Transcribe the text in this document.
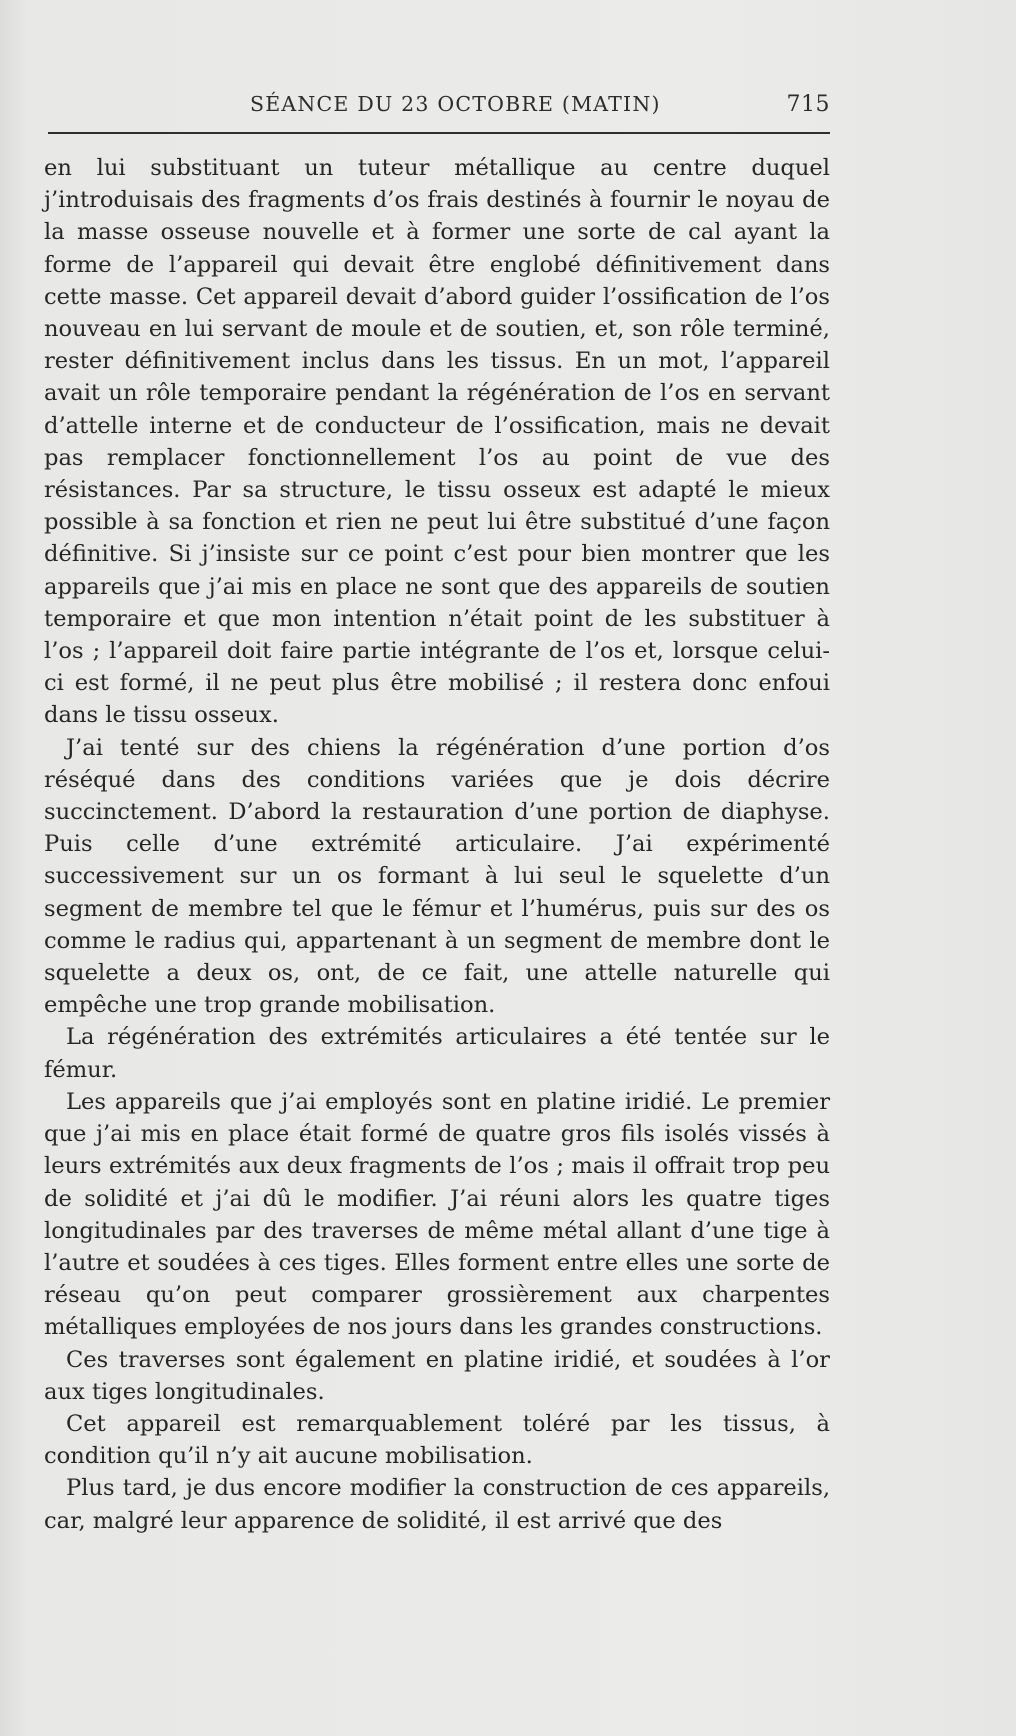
SÉANCE DU 23 OCTOBRE (MATIN)	715

en lui substituant un tuteur métallique au centre duquel j’introduisais des fragments d’os frais destinés à fournir le noyau de la masse osseuse nouvelle et à former une sorte de cal ayant la forme de l’appareil qui devait être englobé définitivement dans cette masse. Cet appareil devait d’abord guider l’ossification de l’os nouveau en lui servant de moule et de soutien, et, son rôle terminé, rester définitivement inclus dans les tissus. En un mot, l’appareil avait un rôle temporaire pendant la régénération de l’os en servant d’attelle interne et de conducteur de l’ossification, mais ne devait pas remplacer fonctionnellement l’os au point de vue des résistances. Par sa structure, le tissu osseux est adapté le mieux possible à sa fonction et rien ne peut lui être substitué d’une façon définitive. Si j’insiste sur ce point c’est pour bien montrer que les appareils que j’ai mis en place ne sont que des appareils de soutien temporaire et que mon intention n’était point de les substituer à l’os ; l’appareil doit faire partie intégrante de l’os et, lorsque celui-ci est formé, il ne peut plus être mobilisé ; il restera donc enfoui dans le tissu osseux.

J’ai tenté sur des chiens la régénération d’une portion d’os réséqué dans des conditions variées que je dois décrire succinctement. D’abord la restauration d’une portion de diaphyse. Puis celle d’une extrémité articulaire. J’ai expérimenté successivement sur un os formant à lui seul le squelette d’un segment de membre tel que le fémur et l’humérus, puis sur des os comme le radius qui, appartenant à un segment de membre dont le squelette a deux os, ont, de ce fait, une attelle naturelle qui empêche une trop grande mobilisation.

La régénération des extrémités articulaires a été tentée sur le fémur.

Les appareils que j’ai employés sont en platine iridié. Le premier que j’ai mis en place était formé de quatre gros fils isolés vissés à leurs extrémités aux deux fragments de l’os ; mais il offrait trop peu de solidité et j’ai dû le modifier. J’ai réuni alors les quatre tiges longitudinales par des traverses de même métal allant d’une tige à l’autre et soudées à ces tiges. Elles forment entre elles une sorte de réseau qu’on peut comparer grossièrement aux charpentes métalliques employées de nos jours dans les grandes constructions.

Ces traverses sont également en platine iridié, et soudées à l’or aux tiges longitudinales.

Cet appareil est remarquablement toléré par les tissus, à condition qu’il n’y ait aucune mobilisation.

Plus tard, je dus encore modifier la construction de ces appareils, car, malgré leur apparence de solidité, il est arrivé que des
